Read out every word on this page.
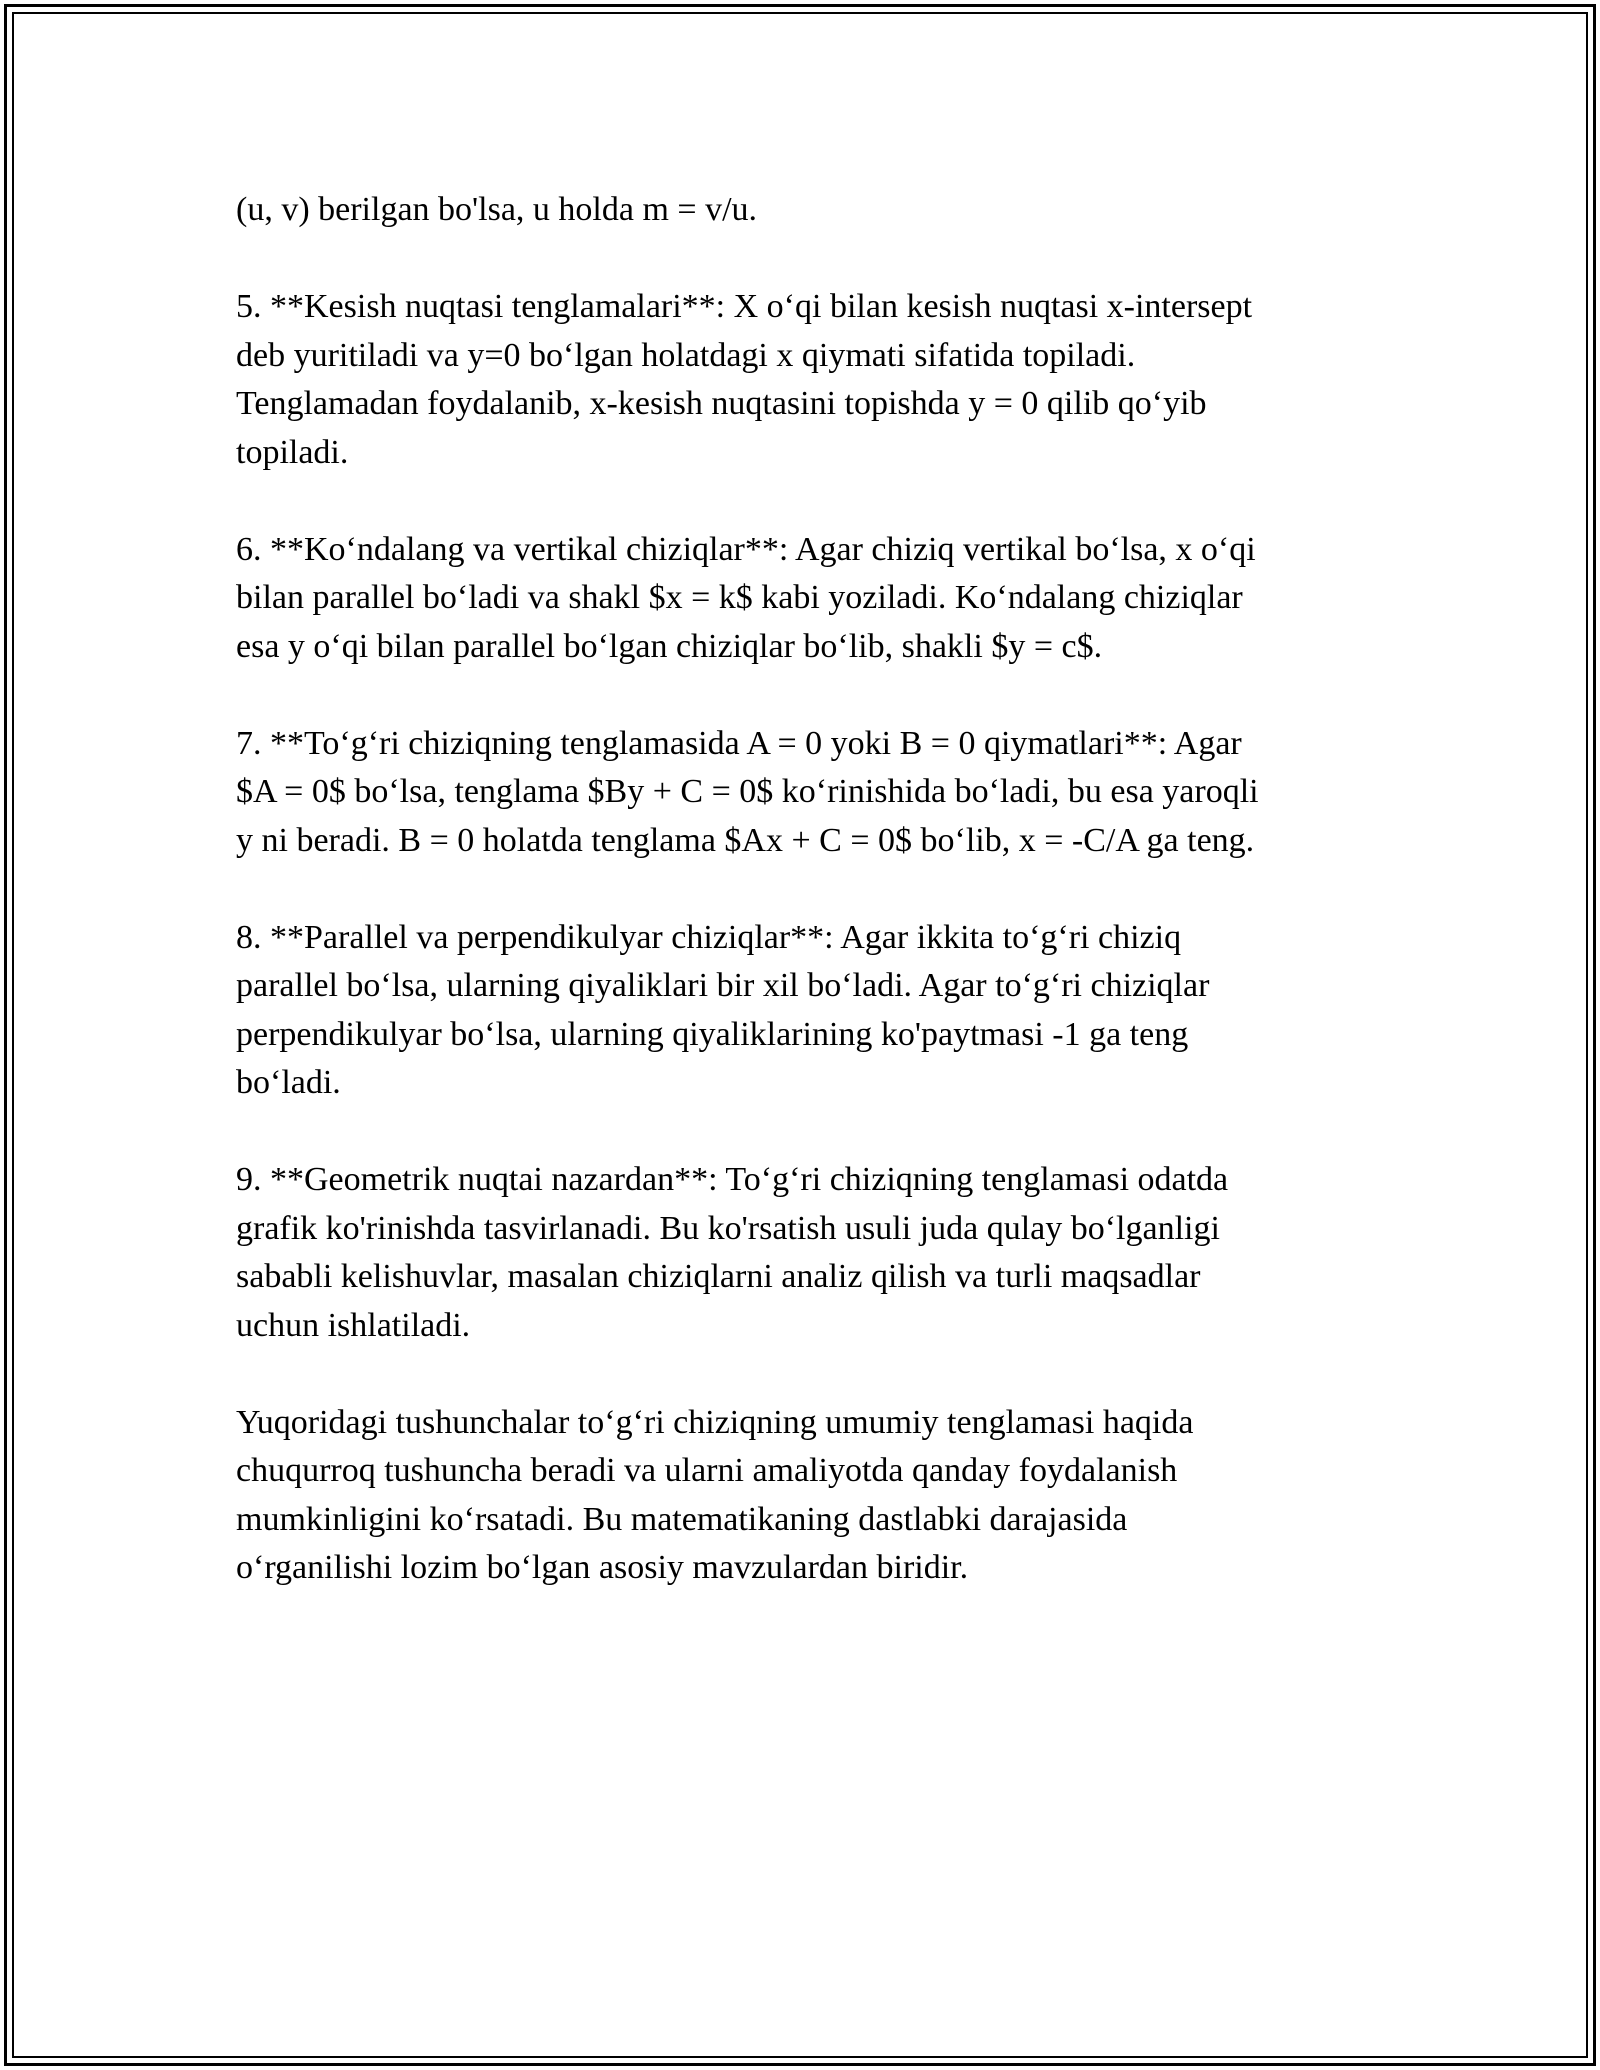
(u, v) berilgan bo'lsa, u holda m = v/u.

5. **Kesish nuqtasi tenglamalari**: X o‘qi bilan kesish nuqtasi x-intersept
deb yuritiladi va y=0 bo‘lgan holatdagi x qiymati sifatida topiladi.
Tenglamadan foydalanib, x-kesish nuqtasini topishda y = 0 qilib qo‘yib
topiladi.

6. **Ko‘ndalang va vertikal chiziqlar**: Agar chiziq vertikal bo‘lsa, x o‘qi
bilan parallel bo‘ladi va shakl $x = k$ kabi yoziladi. Ko‘ndalang chiziqlar
esa y o‘qi bilan parallel bo‘lgan chiziqlar bo‘lib, shakli $y = c$.

7. **To‘g‘ri chiziqning tenglamasida A = 0 yoki B = 0 qiymatlari**: Agar
$A = 0$ bo‘lsa, tenglama $By + C = 0$ ko‘rinishida bo‘ladi, bu esa yaroqli
y ni beradi. B = 0 holatda tenglama $Ax + C = 0$ bo‘lib, x = -C/A ga teng.

8. **Parallel va perpendikulyar chiziqlar**: Agar ikkita to‘g‘ri chiziq
parallel bo‘lsa, ularning qiyaliklari bir xil bo‘ladi. Agar to‘g‘ri chiziqlar
perpendikulyar bo‘lsa, ularning qiyaliklarining ko'paytmasi -1 ga teng
bo‘ladi.

9. **Geometrik nuqtai nazardan**: To‘g‘ri chiziqning tenglamasi odatda
grafik ko'rinishda tasvirlanadi. Bu ko'rsatish usuli juda qulay bo‘lganligi
sababli kelishuvlar, masalan chiziqlarni analiz qilish va turli maqsadlar
uchun ishlatiladi.

Yuqoridagi tushunchalar to‘g‘ri chiziqning umumiy tenglamasi haqida
chuqurroq tushuncha beradi va ularni amaliyotda qanday foydalanish
mumkinligini ko‘rsatadi. Bu matematikaning dastlabki darajasida
o‘rganilishi lozim bo‘lgan asosiy mavzulardan biridir.
